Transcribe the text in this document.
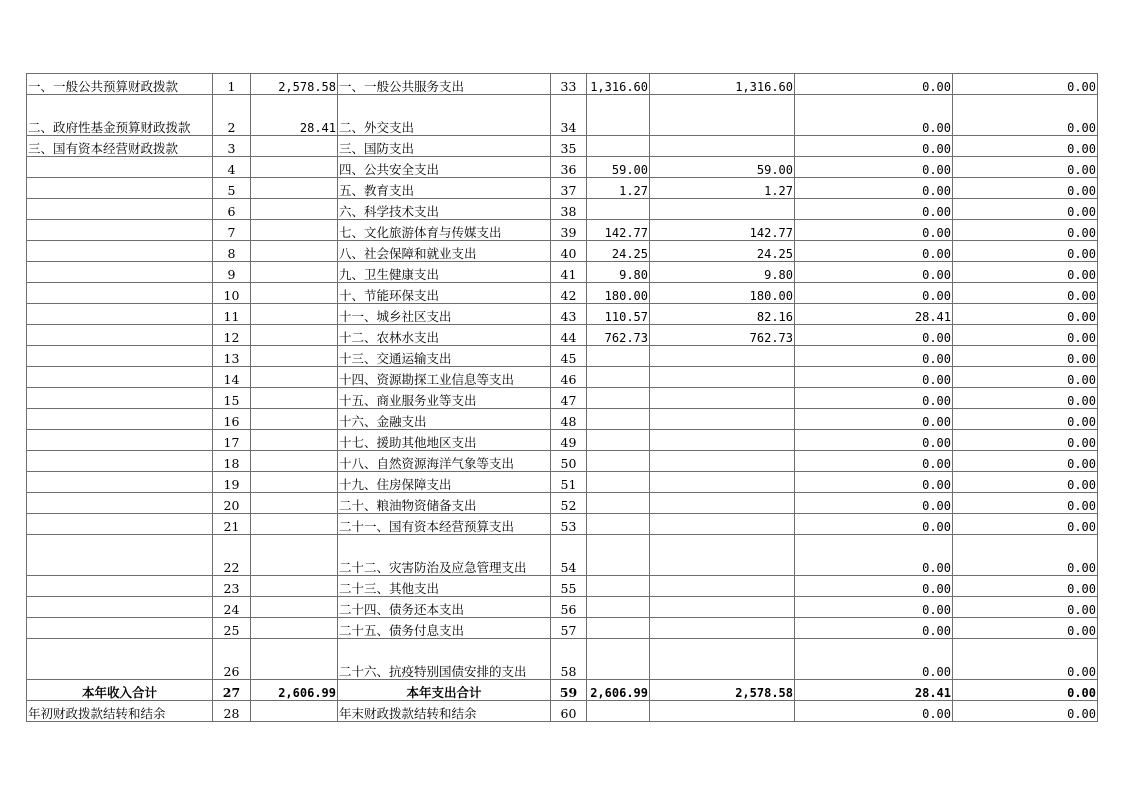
一、一般公共预算财政拨款	1	2,578.58	一、一般公共服务支出	33	1,316.60	1,316.60	0.00	0.00
二、政府性基金预算财政拨款	2	28.41	二、外交支出	34			0.00	0.00
三、国有资本经营财政拨款	3		三、国防支出	35			0.00	0.00
	4		四、公共安全支出	36	59.00	59.00	0.00	0.00
	5		五、教育支出	37	1.27	1.27	0.00	0.00
	6		六、科学技术支出	38			0.00	0.00
	7		七、文化旅游体育与传媒支出	39	142.77	142.77	0.00	0.00
	8		八、社会保障和就业支出	40	24.25	24.25	0.00	0.00
	9		九、卫生健康支出	41	9.80	9.80	0.00	0.00
	10		十、节能环保支出	42	180.00	180.00	0.00	0.00
	11		十一、城乡社区支出	43	110.57	82.16	28.41	0.00
	12		十二、农林水支出	44	762.73	762.73	0.00	0.00
	13		十三、交通运输支出	45			0.00	0.00
	14		十四、资源勘探工业信息等支出	46			0.00	0.00
	15		十五、商业服务业等支出	47			0.00	0.00
	16		十六、金融支出	48			0.00	0.00
	17		十七、援助其他地区支出	49			0.00	0.00
	18		十八、自然资源海洋气象等支出	50			0.00	0.00
	19		十九、住房保障支出	51			0.00	0.00
	20		二十、粮油物资储备支出	52			0.00	0.00
	21		二十一、国有资本经营预算支出	53			0.00	0.00
	22		二十二、灾害防治及应急管理支出	54			0.00	0.00
	23		二十三、其他支出	55			0.00	0.00
	24		二十四、债务还本支出	56			0.00	0.00
	25		二十五、债务付息支出	57			0.00	0.00
	26		二十六、抗疫特别国债安排的支出	58			0.00	0.00
本年收入合计	27	2,606.99	本年支出合计	59	2,606.99	2,578.58	28.41	0.00
年初财政拨款结转和结余	28		年末财政拨款结转和结余	60			0.00	0.00
